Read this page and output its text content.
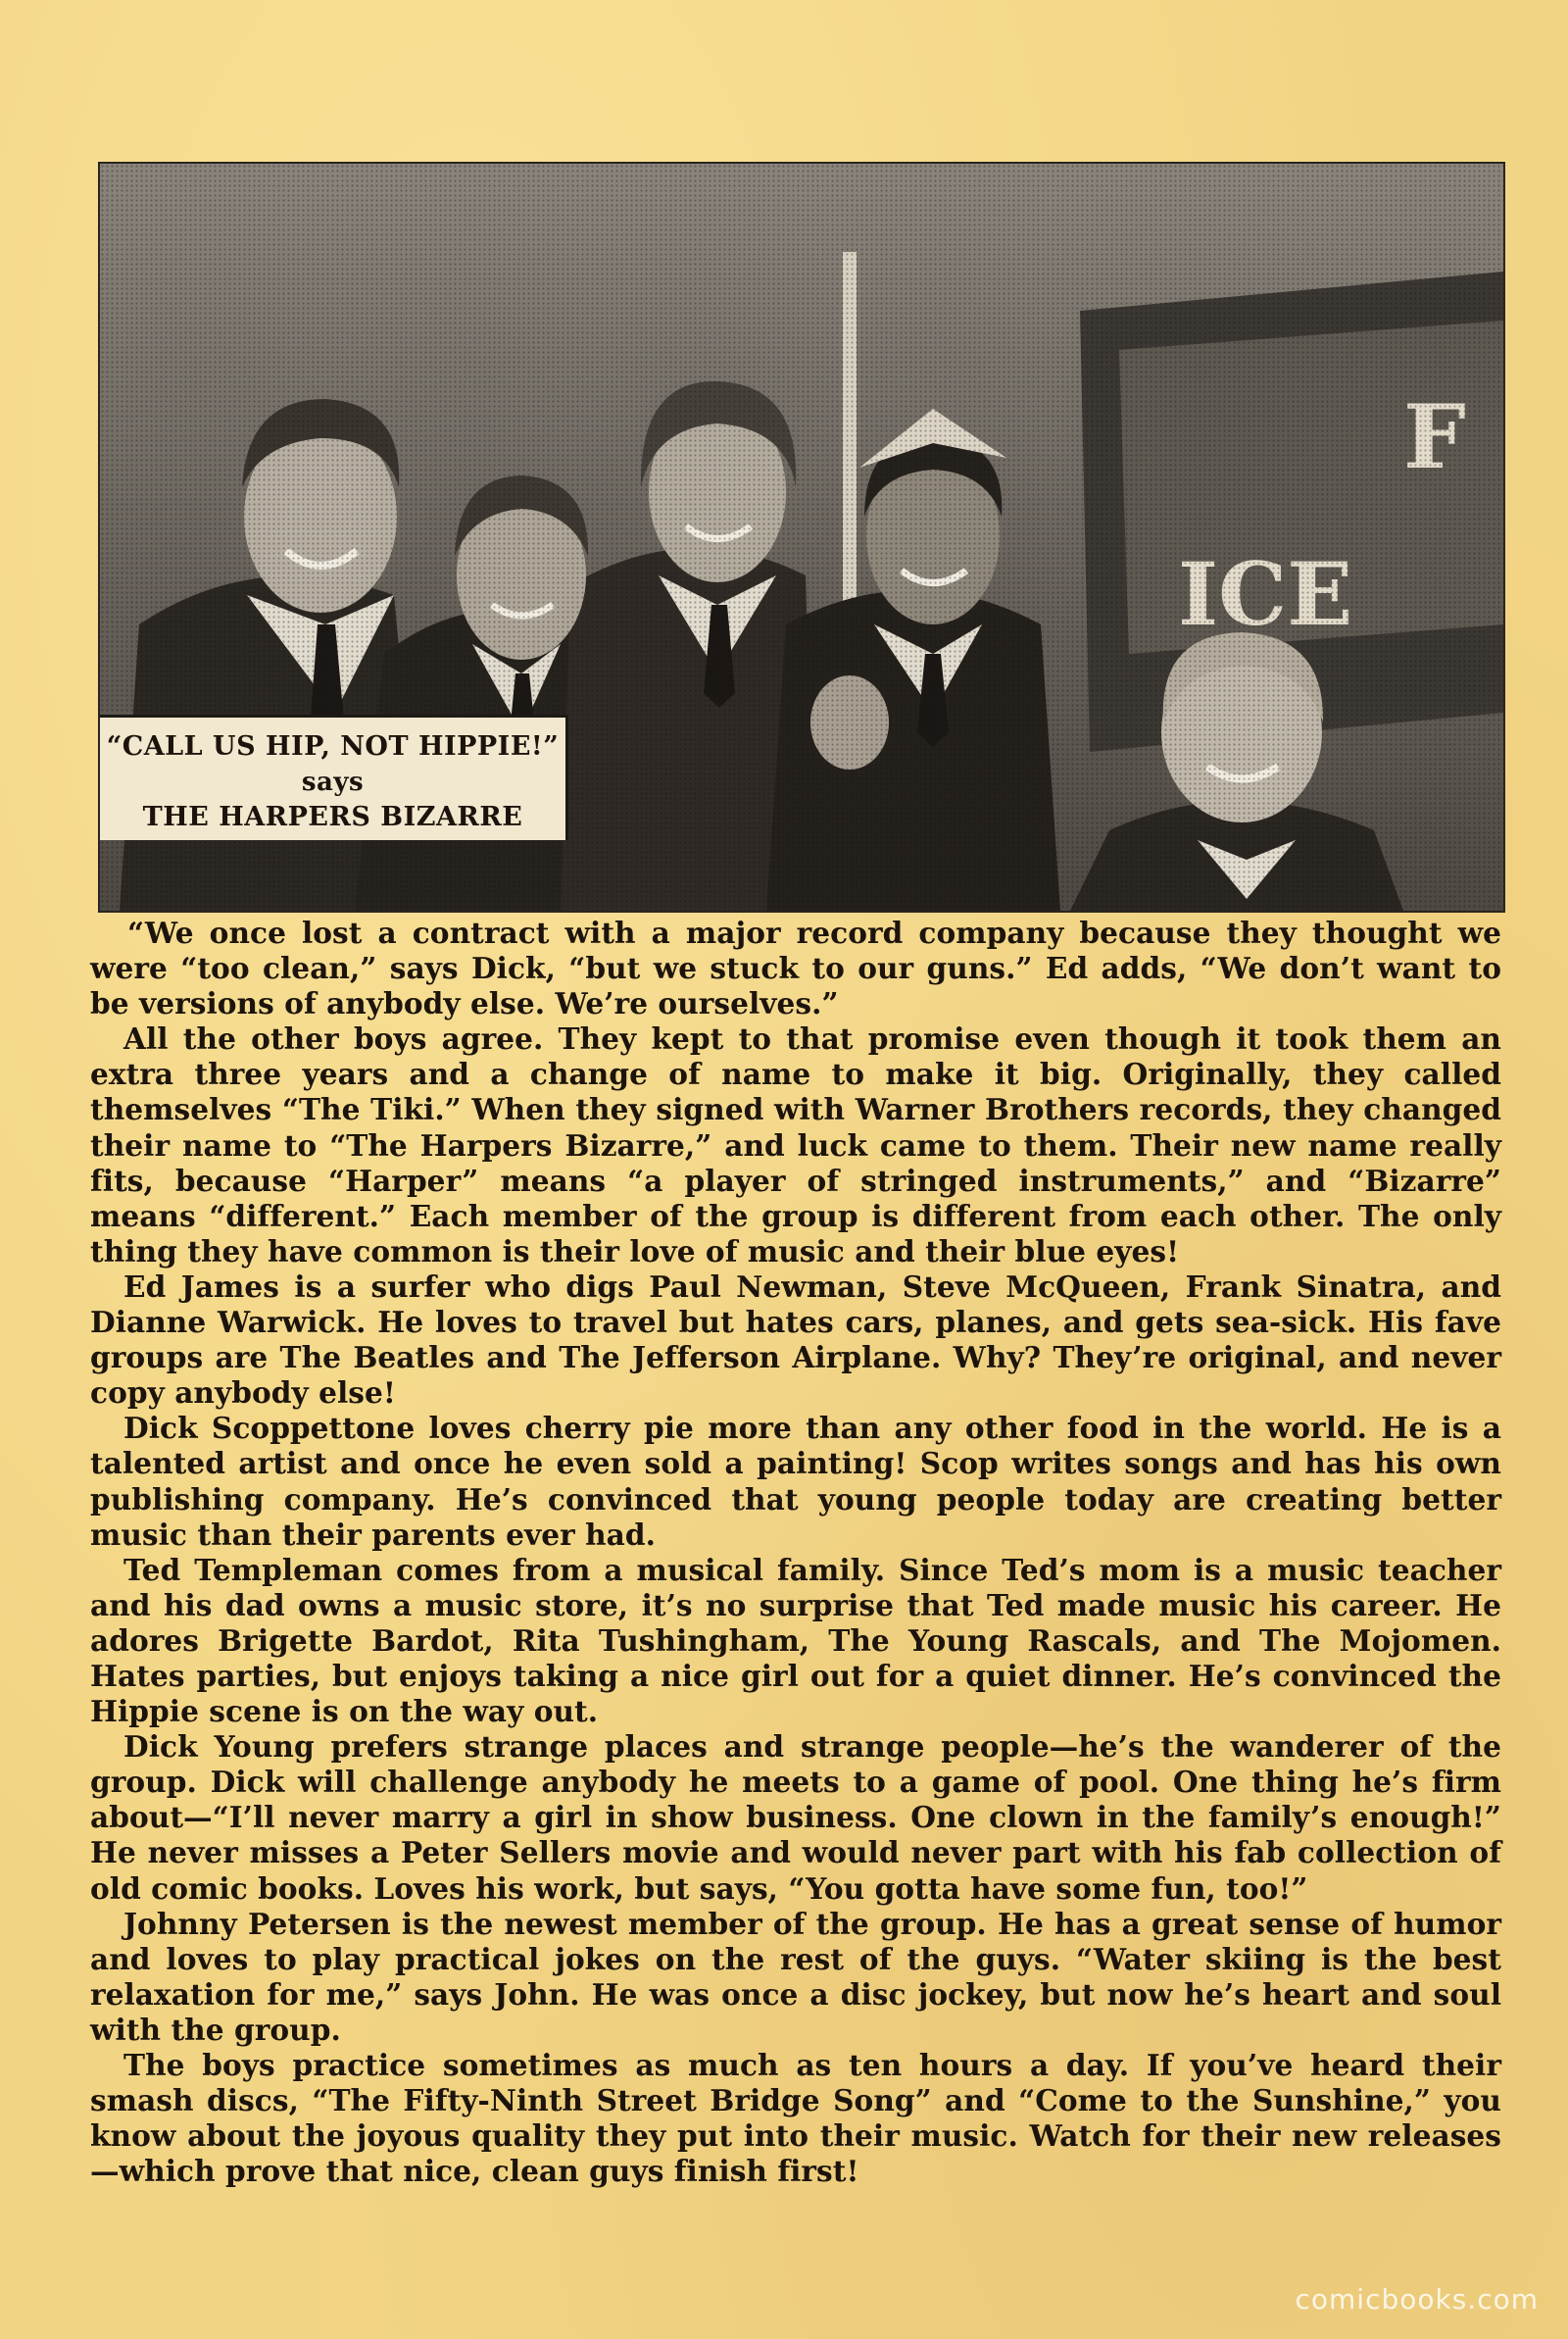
“CALL US HIP, NOT HIPPIE!”
says
THE HARPERS BIZARRE

“We once lost a contract with a major record company because they thought we were “too clean,” says Dick, “but we stuck to our guns.” Ed adds, “We don’t want to be versions of anybody else. We’re ourselves.”

All the other boys agree. They kept to that promise even though it took them an extra three years and a change of name to make it big. Originally, they called themselves “The Tiki.” When they signed with Warner Brothers records, they changed their name to “The Harpers Bizarre,” and luck came to them. Their new name really fits, because “Harper” means “a player of stringed instruments,” and “Bizarre” means “different.” Each member of the group is different from each other. The only thing they have common is their love of music and their blue eyes!

Ed James is a surfer who digs Paul Newman, Steve McQueen, Frank Sinatra, and Dianne Warwick. He loves to travel but hates cars, planes, and gets sea-sick. His fave groups are The Beatles and The Jefferson Airplane. Why? They’re original, and never copy anybody else!

Dick Scoppettone loves cherry pie more than any other food in the world. He is a talented artist and once he even sold a painting! Scop writes songs and has his own publishing company. He’s convinced that young people today are creating better music than their parents ever had.

Ted Templeman comes from a musical family. Since Ted’s mom is a music teacher and his dad owns a music store, it’s no surprise that Ted made music his career. He adores Brigette Bardot, Rita Tushingham, The Young Rascals, and The Mojomen. Hates parties, but enjoys taking a nice girl out for a quiet dinner. He’s convinced the Hippie scene is on the way out.

Dick Young prefers strange places and strange people—he’s the wanderer of the group. Dick will challenge anybody he meets to a game of pool. One thing he’s firm about—“I’ll never marry a girl in show business. One clown in the family’s enough!” He never misses a Peter Sellers movie and would never part with his fab collection of old comic books. Loves his work, but says, “You gotta have some fun, too!”

Johnny Petersen is the newest member of the group. He has a great sense of humor and loves to play practical jokes on the rest of the guys. “Water skiing is the best relaxation for me,” says John. He was once a disc jockey, but now he’s heart and soul with the group.

The boys practice sometimes as much as ten hours a day. If you’ve heard their smash discs, “The Fifty-Ninth Street Bridge Song” and “Come to the Sunshine,” you know about the joyous quality they put into their music. Watch for their new releases—which prove that nice, clean guys finish first!

comicbooks.com
